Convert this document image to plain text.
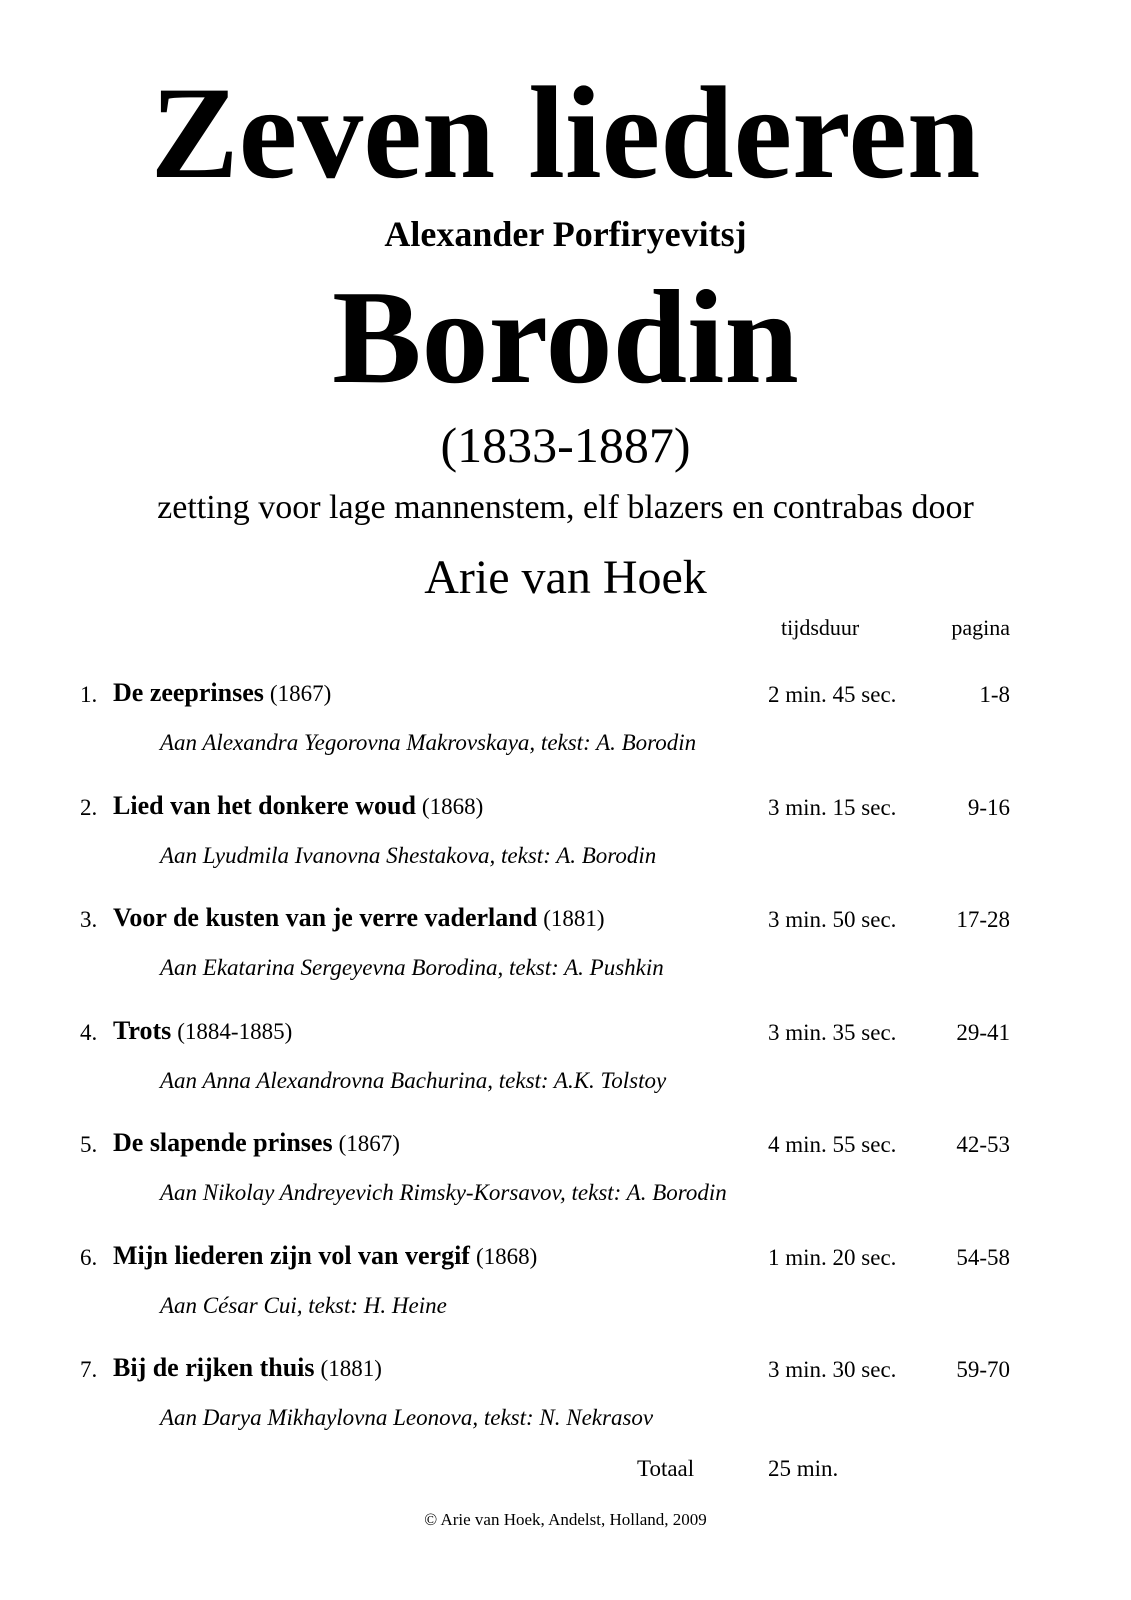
Zeven liederen
Alexander Porfiryevitsj
Borodin
(1833-1887)
zetting voor lage mannenstem, elf blazers en contrabas door
Arie van Hoek
tijdsduur	pagina
1. De zeeprinses (1867)	2 min. 45 sec.	1-8
Aan Alexandra Yegorovna Makrovskaya, tekst: A. Borodin
2. Lied van het donkere woud (1868)	3 min. 15 sec.	9-16
Aan Lyudmila Ivanovna Shestakova, tekst: A. Borodin
3. Voor de kusten van je verre vaderland (1881)	3 min. 50 sec.	17-28
Aan Ekatarina Sergeyevna Borodina, tekst: A. Pushkin
4. Trots (1884-1885)	3 min. 35 sec.	29-41
Aan Anna Alexandrovna Bachurina, tekst: A.K. Tolstoy
5. De slapende prinses (1867)	4 min. 55 sec.	42-53
Aan Nikolay Andreyevich Rimsky-Korsavov, tekst: A. Borodin
6. Mijn liederen zijn vol van vergif (1868)	1 min. 20 sec.	54-58
Aan César Cui, tekst: H. Heine
7. Bij de rijken thuis (1881)	3 min. 30 sec.	59-70
Aan Darya Mikhaylovna Leonova, tekst: N. Nekrasov
Totaal	25 min.
© Arie van Hoek, Andelst, Holland, 2009
